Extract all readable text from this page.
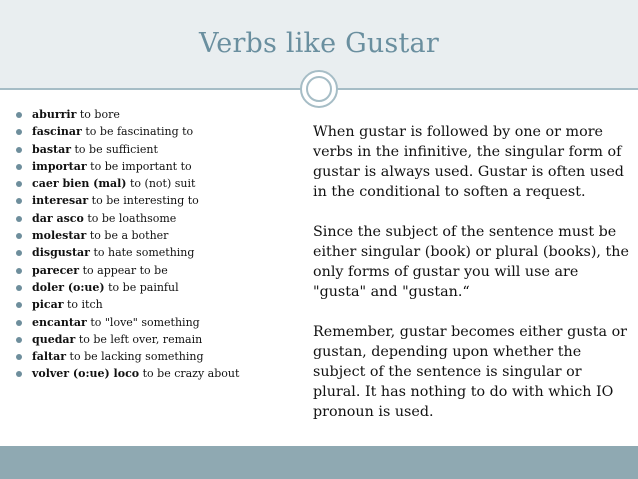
Verbs like Gustar
aburrir to bore
fascinar to be fascinating to
bastar to be sufficient
importar to be important to
caer bien (mal) to (not) suit
interesar to be interesting to
dar asco to be loathsome
molestar to be a bother
disgustar to hate something
parecer to appear to be
doler (o:ue) to be painful
picar to itch
encantar to "love" something
quedar to be left over, remain
faltar to be lacking something
volver (o:ue) loco to be crazy about

When gustar is followed by one or more verbs in the infinitive, the singular form of gustar is always used. Gustar is often used in the conditional to soften a request.

Since the subject of the sentence must be either singular (book) or plural (books), the only forms of gustar you will use are "gusta" and "gustan.“

Remember, gustar becomes either gusta or gustan, depending upon whether the subject of the sentence is singular or plural. It has nothing to do with which IO pronoun is used.
